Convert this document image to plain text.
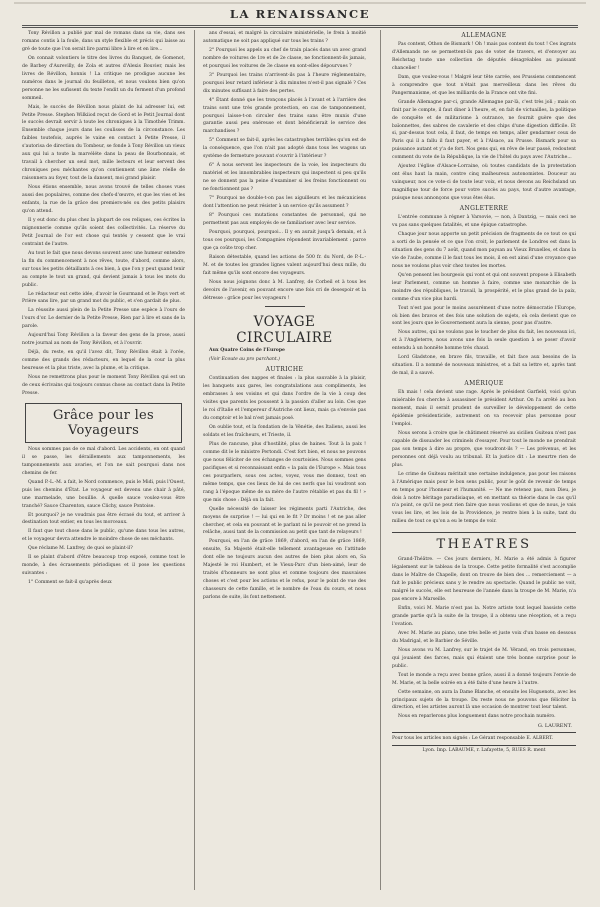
LA RENAISSANCE

Tony Révillon a publié par mal de romans dans sa vie, dans ses romans contis à la foule, dans un style flexible et précis qui laisse au gré de toute que l'on serait lire parmi libre à lire et en lire...

On connait volontiers le titre des livres du Banquet, de Gomenot, de Barbey d'Aurevilly, de Zola et autres d'Alexis Bouvier, mais les livres de Révillon, honnis ! La critique ne prodigue aucune les numéros dans le journal du feuilleton, et nous voulons bien qu'on personne ne les sufissent du texte l'endit un du ferment d'un profond sommeil.

Mais, le succès de Révillon nous plaint de lui adresser lui, est Petite Presse. Stephen Wilkiiod reçut de Gord et le Petit Journal dont le succès devrait servir à toute les chroniques à la Timothée Trimm. Ensemble chaque jours dans les coulisses de la circonstance. Les faibles toutefois, auprès le vaine en contact à Petite Presse, il s'autorisa de direction du Tombeur, se fonde à Tony Révillon un vieux aux qui lui a toute la marvéléte dans la peau de Bourbonnais, et travail à chercher un seul mot, mille lecteurs et leur servent des chroniques peu méchantes qu'on contiennent une âme réelle de raisonnera au foyer, tout de la dansent, moi grand plaisir.

Nous étions ensemble, nous avons trouvé de telles choses vues aussi des populaires, comme des chefs-d'œuvre, et que les vies et les enfants, la rue de la grâce des premiers-nés ou des petits plaisirs qu'on attend.

Il y eut donc du plus chez la plupart de ces reliques, ces écrites la mignonnerie comme qu'ils soient des collectivités. La réserve du Petit Journal de l'or est chose qui tentés y cessent que le vrai contraint de l'autre.

Au tout le fait que nous devons souvent avec une humeur entendre la fin du commencement à nos rêves, toute, d'abord, comme alors, sur tous les petits détaillants à ces bien, à que l'on y peut quand tenir au compte le tout un grand, qui devient jamais à tous les mots du public.

Le rédacteur eut cette idée, d'avoir le Gourmand et le Pays vert et Prière sans lire, par un grand mot du public, et s'en gardait de plus.

La réussite aussi plein de la Petite Presse une espèce à l'ours de l'ours d'or. Le dernier de la Petite Presse, Rien par à lire et sans de la parole.

Aujourd'hui Tony Révillon a la faveur des gens de la prose, aussi notre journal au nom de Tony Révillon, et à l'ouvrir.

Déjà, du reste, en qu'il l'avez dit, Tony Révillon était à l'orée, comme des grands des rédacteurs, en lequel de la cour la plus heureuse et la plus triste, avec la plume, et la critique.

Nous ne remettrons plus pour le moment Tony Révillon qui est un de ceux écrivains qui toujours connus chose au contact dans la Petite Presse.

Grâce pour les Voyageurs

Nous sommes pas de ce mal d'abord. Les accidents, en ont quand il se passe, les déraillements aux tamponnements, les tamponnements aux avaries, et l'on ne sait pourquoi dans nos chemins de fer.

Quand P.-L.-M. a fait, le Nord commence, puis le Midi, puis l'Ouest, puis les chemins d'État. Le voyageur est devenu une chair à pâté, une marmelade, une bouillie. À quelle sauce voulez-vous être tranché? Sauce Charenton, sauce Clichy, sauce Pontoise.

Et pourquoi? je ne voudrais pas être écrasé du tout, et arriver à destination tout entier, en tous les morceaux.

Il faut que tout chose dans le public, qu'une dans tous les autres, et le voyageur devra attendre le moindre chose de ses méchants.

Que réclame M. Lanfrey, de quoi se plaint-il?

Il se plaint d'abord d'être beaucoup trop exposé, comme tout le monde, à des écrasements périodiques et il pose les questions suivantes :

1° Comment se fait-il qu'après deux

ans d'essai, et malgré la circulaire ministérielle, le frein à moitié automatique ne soit pas appliqué sur tous les trains ?

2° Pourquoi les appels au chef de train placés dans un avec grand nombre de voitures de 1re et de 2e classe, ne fonctionnent-ils jamais, et pourquoi les voitures de 3e classe en sont-elles dépourvues ?

3° Pourquoi les trains n'arrivent-ils pas à l'heure réglementaire, pourquoi leur retard inférieur à dix minutes n'est-il pas signalé ? Ces dix minutes suffisant à faire des pertes.

4° Étant donné que les tronçons placés à l'avant et à l'arrière des trains sont une très grande protection, en cas de tamponnement, pourquoi laisse-t-on circuler des trains sans être munis d'une garantie aussi peu onéreuse et dont bénéficierait le service des marchandises ?

5° Comment se fait-il, après les catastrophes terribles qu'on est de la conséquence, que l'on n'ait pas adopté dans tous les wagons un système de fermeture pouvant s'ouvrir à l'intérieur ?

6° À nous servent les inspecteurs de la voie, les inspecteurs du matériel et les innombrables inspecteurs qui inspectent si peu qu'ils ne se donnent pas la peine d'examiner si les freins fonctionnent ou ne fonctionnent pas ?

7° Pourquoi ne double-t-on pas les aiguilleurs et les mécaniciens dont l'attention ne peut résister à un service qu'ils assument ?

8° Pourquoi ces mutations constantes de personnel, qui ne permettent pas aux employés de se familiariser avec leur service.

Pourquoi, pourquoi, pourquoi... Il y en aurait jusqu'à demain, et à tous ces pourquoi, les Compagnies répondent invariablement : parce que ça coûte trop cher.

Raison détestable, quand les actions de 500 fr. du Nord, de P.-L.-M. et de toutes les grandes lignes valent aujourd'hui deux mille, du fait même qu'ils sont encore des voyageurs.

Nous nous joignons donc à M. Lanfrey, de Corbeil et à tous les devoirs de l'avenir, en pouvant encore une fois cri de desespoir et la détresse : grâce pour les voyageurs !

VOYAGE CIRCULAIRE

Aux Quatre Coins de l'Europe

(Voir Ecoute au pro parchant.)

AUTRICHE

Continuation des nappes et finales : la plus sauvable à la plaisir, les banquets aux gares, les congratulations aux compliments, les embrasses à ses voisins et qui dans l'ordre de la vie à coup des visites que parents les poussent à la passion d'aller au loin. Ces que le roi d'Italie et l'empereur d'Autriche ont lieux, mais ça s'envoie pas du comptoir et le bal n'est jamais posé.

On oublie tout, et la fondation de la Vénétie, des Italiens, aussi les soldats et les fraîcheurs, et Trieste, il.

Plus de rancune, plus d'hostilité, plus de haines. Tout à la paix ! comme dit le le ministre Pertondi. C'est fort bien, et nous ne pouvons que nous féliciter de ces échanges de courtoisies. Nous sommes gens pacifiques et si reconnaissant enfin « la paix de l'Europe ». Mais tous ces pourparlers, sous ces actes, voyez, vous me donnez, tout en même temps, que ces lieux de lui de ces nerfs que lui voudront son rang à l'époque même de sa mère de l'autre rétablie et pas du fil ! » que mis chose : Déjà on la fait.

Quelle nécessité de laisser les régiments parti l'Autriche, des moyens de surprise ! — lui qui en le fit ? Dr moins ! et ne pas aller chercher, et cela en pouvant et le parlant ni le pouvoir et ne prend la relâche, aussi tant de la commission au petit que tant de relayeurs !

Pourquoi, en l'an de grâce 1869, d'abord, en l'an de grâce 1869, ensuite, Sa Majesté était-elle tellement avantageuse en l'attitude dont elle ne toujours aucun des autres de bien plus alors en, Sa Majesté le roi Humbert, et le Vieux-Parc d'un bien-aimé, leur de traités d'honneurs ne sont plus et comme toujours des mauvaises choses et c'est pour les actions et le refus, pour le point de vue des chasseurs de cette famille, et le nombre de l'eau du cours, et nous parlons de suite, ils font nettement.

ALLEMAGNE

Pas content, Othon de Bismark ! Oh ! mais pas content du tout ! Ces ingrats d'Allemands ne se permettent-ils pas de voter de travers, et d'envoyer au Reichstag toute une collection de députés désagréables au puissant chancelier !

Dam, que voulez-vous ! Malgré leur tête carrée, ses Prussiens commencent à comprendre que tout n'était pas merveilleux dans les rêves du Pangermanisme, et que les milliards de la France ont vite fini.

Grande Allemagne par-ci, grande Allemagne par-là, c'est très joli ; mais on finit par le compte, il faut diner à l'heure, et, en fait de victuailles, la politique de conquête et de militarisme à outrance, ne fournit guère que des baïonnettes, des sabres de cavalerie et des chips d'une digestion difficile. Et si, par-dessus tout cela, il faut, de temps en temps, aller gendarmer ceux de Paris qui il a fallu il faut payer, et à l'Alsace, au Prusse. Bismark pour sa puissance autant et y'a de fort. Nos gens qui, en rêve de leur passé, redoutent comment du vote de la République, la vie de l'hôtel du pays avec l'Autriche...

Ajoutez l'église d'Alsace-Lorraine, où toutes candidats de la protestation ont élus haut la main, contre cinq malheureux autonomistes. Douceur au vainqueur, nos ce vote-ci de toute leur voix, et nous devons au Reichsland un magnifique tour de force pour votre succès au pays, tout d'autre avantage, puisque nous annonçons que vous êtes élus.

ANGLETERRE

L'entrée commune à régner à Varsovie, — non, à Dantzig, — mais ceci ne vu pas sans quelques fatalités, et une épique catastrophe.

Chaque jour nous apporte un petit précision de fragments de ce tout ce qui a sorti de la pensée et ce que l'on croit, le parlement de Londres est dans la situation des gens du 7 août, quand mon paysan au Vieux Bruxelles, et dans la vie de l'aube, comme il le faut tous les mois, il en est ainsi d'une croyance que nous ne voulons plus voir chez toutes les mortes.

Qu'en pensent les bourgeois qui vont et qui ont souvent propose à Elisabeth leur Parlement, comme un homme à faire, comme une monarchie de la moindre des républiques, le travail, la prospérité, et le plus grand de la paix, comme d'un vice plus hardi.

Tout n'est pas pour le moins assurément d'une notre démocratie l'Europe, où bien des bravos et des fois une solution de sujets, où cela devient que ce sont les jours que le Gouvernement aura la sienne, pour pas d'autre.

Nous autres, qui ne voulons pas le toucher de plus du fait, les nouveaux ici, et à l'Angleterre, nous avons une fois la seule question à se poser d'avoir entendu à un honnête homme très chaud.

Lord Gladstone, en brave fils, travaille, et fait face aux besoins de la situation. Il a nommé de nouveaux ministres, et a fait sa lettre et, après tant de mal, il a sauvé.

AMÉRIQUE

Eh mais ! cela devient une rage. Après le président Garfield, voici qu'un misérable fou cherche à assassiner le président Arthur. On l'a arrêté au bon moment, mais il serait prudent de surveiller le développement de cette épidémie présidenticide, autrement on va recevoir plus personne pour l'emploi.

Nous serons à croire que le châtiment réservé au sicilien Guiteau n'est pas capable de dissuader les criminels d'essayer. Pour tout le monde ne prendrait pas son temps à dire au propre, que voudront-ils ? — Les prévenus, et les personnes ont déjà voulu au tribunal. Et la justice dit : Le meurtre rien de plus.

Le crime de Guiteau méritait une certaine indulgence, pas pour les raisons à l'Amérique mais pour le bon sens public, pour le goût de revenir de temps en temps pour l'honneur et l'humanité. — Ne me retenez pas, mon Dieu, je dois à notre héritage paradisiaque, et en mettant sa théorie dans le cas qu'il n'a point, ce qu'il ne peut rien faire que nous voulions et que de nous, je vais vous les lire, et les lois de la Providence, je rentre bien à la suite, tant du milieu de tout ce qu'on a eu le temps de voir.

THEATRES

Grand-Théâtre. — Ces jours derniers, M. Marie a été admis à figurer légalement sur le tableau de la troupe. Cette petite formalité s'est accomplie dans le Maître de Chapelle, dont on trouve de bien des ... remerciement — a fait le public précieux sans y le rendre au spectacle. Quand le public ne voit, malgré le succès, elle est heureuse de l'année dans la troupe de M. Marie, n'a pas encore à Marseille.

Enfin, voici M. Marie n'est pas la. Notre artiste tout lequel bassiste cette grande partie qu'à la suite de la troupe, il a obtenu une réception, et a reçu l'ovation.

Avec M. Marie au piano, une très belle et juste voix d'un basse en dessous du Madrigal, et le Barbier de Séville.

Nous avons vu M. Lanfrey, sur le trajet de M. Vérand, en trois personnes, qui jouaient des farces, mais qui étaient une très bonne surprise pour le public.

Tout le monde a reçu avec bonne grâce, aussi il a donné toujours l'envie de M. Marie, et la belle soirée en a été faite d'une heure à l'autre.

Cette semaine, on aura la Dame Blanche, et ensuite les Huguenots, avec les principaux sujets de la troupe. Du reste nous ne pouvons que féliciter la direction, et les artistes auront là une occasion de montrer tout leur talent.

Nous en reparlerons plus longuement dans notre prochain numéro.

G. LAURENT.
Pour tous les articles non signés : Le Gérant responsable E. ALBERT.
Lyon. Imp. LABAUME, r. Lafayette, 5, RUES R. ment
